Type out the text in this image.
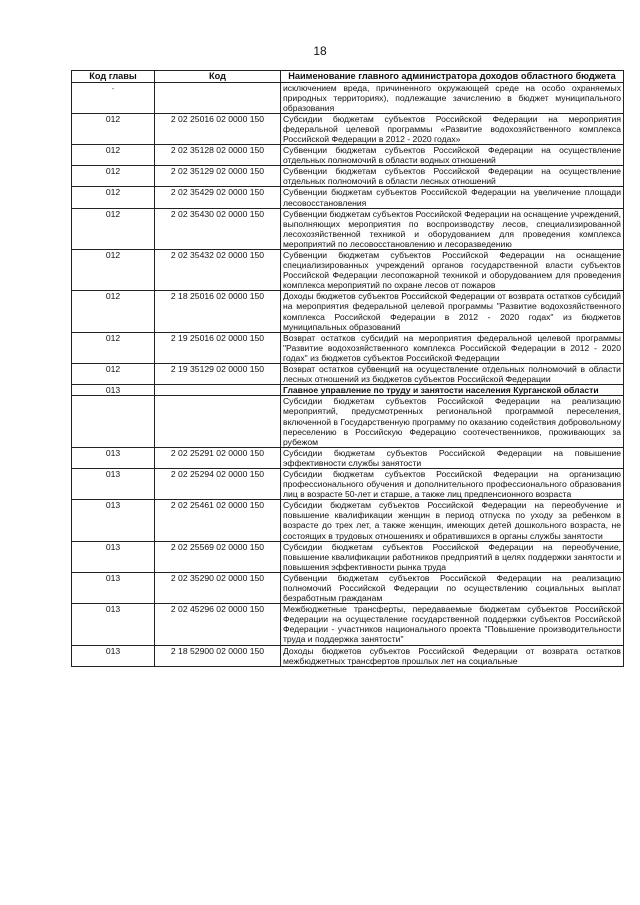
18
Код главы	Код	Наименование главного администратора доходов областного бюджета
-		исключением вреда, причиненного окружающей среде на особо охраняемых природных территориях), подлежащие зачислению в бюджет муниципального образования
012	2 02 25016 02 0000 150	Субсидии бюджетам субъектов Российской Федерации на мероприятия федеральной целевой программы «Развитие водохозяйственного комплекса Российской Федерации в 2012 - 2020 годах»
012	2 02 35128 02 0000 150	Субвенции бюджетам субъектов Российской Федерации на осуществление отдельных полномочий в области водных отношений
012	2 02 35129 02 0000 150	Субвенции бюджетам субъектов Российской Федерации на осуществление отдельных полномочий в области лесных отношений
012	2 02 35429 02 0000 150	Субвенции бюджетам субъектов Российской Федерации на увеличение площади лесовосстановления
012	2 02 35430 02 0000 150	Субвенции бюджетам субъектов Российской Федерации на оснащение учреждений, выполняющих мероприятия по воспроизводству лесов, специализированной лесохозяйственной техникой и оборудованием для проведения комплекса мероприятий по лесовосстановлению и лесоразведению
012	2 02 35432 02 0000 150	Субвенции бюджетам субъектов Российской Федерации на оснащение специализированных учреждений органов государственной власти субъектов Российской Федерации лесопожарной техникой и оборудованием для проведения комплекса мероприятий по охране лесов от пожаров
012	2 18 25016 02 0000 150	Доходы бюджетов субъектов Российской Федерации от возврата остатков субсидий на мероприятия федеральной целевой программы "Развитие водохозяйственного комплекса Российской Федерации в 2012 - 2020 годах" из бюджетов муниципальных образований
012	2 19 25016 02 0000 150	Возврат остатков субсидий на мероприятия федеральной целевой программы "Развитие водохозяйственного комплекса Российской Федерации в 2012 - 2020 годах" из бюджетов субъектов Российской Федерации
012	2 19 35129 02 0000 150	Возврат остатков субвенций на осуществление отдельных полномочий в области лесных отношений из бюджетов субъектов Российской Федерации
013		Главное управление по труду и занятости населения Курганской области
		Субсидии бюджетам субъектов Российской Федерации на реализацию мероприятий, предусмотренных региональной программой переселения, включенной в Государственную программу по оказанию содействия добровольному переселению в Российскую Федерацию соотечественников, проживающих за рубежом
013	2 02 25291 02 0000 150	Субсидии бюджетам субъектов Российской Федерации на повышение эффективности службы занятости
013	2 02 25294 02 0000 150	Субсидии бюджетам субъектов Российской Федерации на организацию профессионального обучения и дополнительного профессионального образования лиц в возрасте 50-лет и старше, а также лиц предпенсионного возраста
013	2 02 25461 02 0000 150	Субсидии бюджетам субъектов Российской Федерации на переобучение и повышение квалификации женщин в период отпуска по уходу за ребенком в возрасте до трех лет, а также женщин, имеющих детей дошкольного возраста, не состоящих в трудовых отношениях и обратившихся в органы службы занятости
013	2 02 25569 02 0000 150	Субсидии бюджетам субъектов Российской Федерации на переобучение, повышение квалификации работников предприятий в целях поддержки занятости и повышения эффективности рынка труда
013	2 02 35290 02 0000 150	Субвенции бюджетам субъектов Российской Федерации на реализацию полномочий Российской Федерации по осуществлению социальных выплат безработным гражданам
013	2 02 45296 02 0000 150	Межбюджетные трансферты, передаваемые бюджетам субъектов Российской Федерации на осуществление государственной поддержки субъектов Российской Федерации - участников национального проекта "Повышение производительности труда и поддержка занятости"
013	2 18 52900 02 0000 150	Доходы бюджетов субъектов Российской Федерации от возврата остатков межбюджетных трансфертов прошлых лет на социальные
